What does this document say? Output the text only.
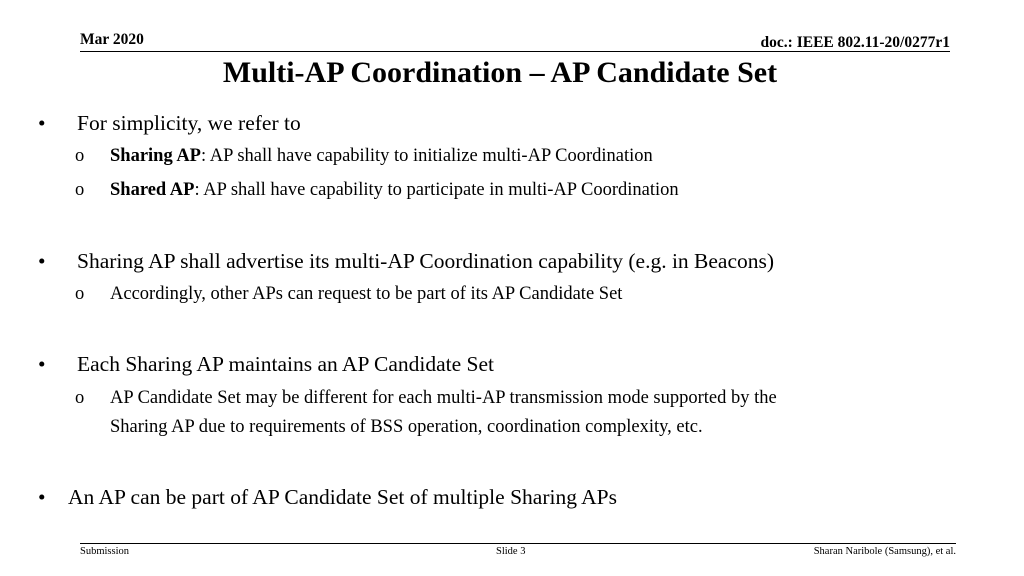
Mar 2020	doc.: IEEE 802.11-20/0277r1
Multi-AP Coordination – AP Candidate Set
• For simplicity, we refer to
o Sharing AP: AP shall have capability to initialize multi-AP Coordination
o Shared AP: AP shall have capability to participate in multi-AP Coordination
• Sharing AP shall advertise its multi-AP Coordination capability (e.g. in Beacons)
o Accordingly, other APs can request to be part of its AP Candidate Set
• Each Sharing AP maintains an AP Candidate Set
o AP Candidate Set may be different for each multi-AP transmission mode supported by the
Sharing AP due to requirements of BSS operation, coordination complexity, etc.
• An AP can be part of AP Candidate Set of multiple Sharing APs
Submission	Slide 3	Sharan Naribole (Samsung), et al.
